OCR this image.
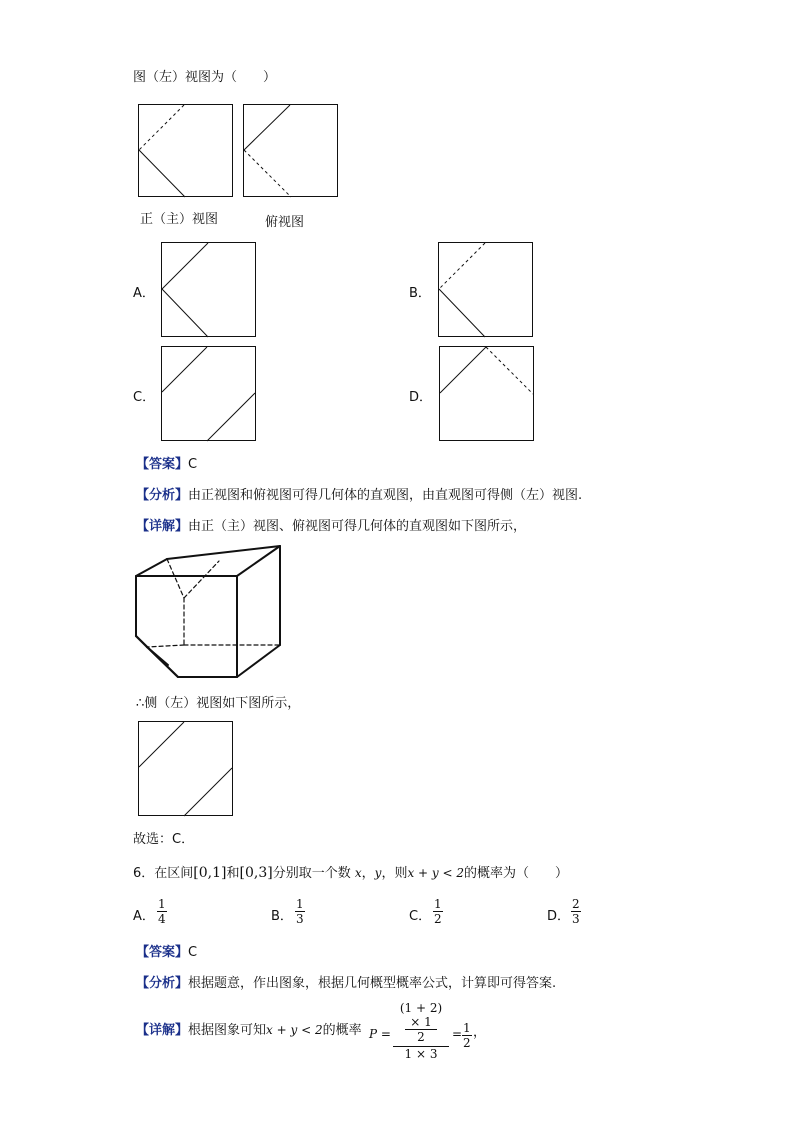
图（左）视图为（　　）
正（主）视图	俯视图
A．	B．
C．	D．
【答案】C
【分析】由正视图和俯视图可得几何体的直观图，由直观图可得侧（左）视图.
【详解】由正（主）视图、俯视图可得几何体的直观图如下图所示，
∴侧（左）视图如下图所示，
故选：C．
6．在区间[0,1]和[0,3]分别取一个数 x，y，则x + y < 2的概率为（　　）
A． $\frac{1}{4}$	B． $\frac{1}{3}$	C． $\frac{1}{2}$	D． $\frac{2}{3}$
【答案】C
【分析】根据题意，作出图象，根据几何概型概率公式，计算即可得答案.
【详解】根据图象可知x + y < 2的概率 P =
(1 + 2) × 1
2
1 × 3
= $\frac{1}{2}$ ，
